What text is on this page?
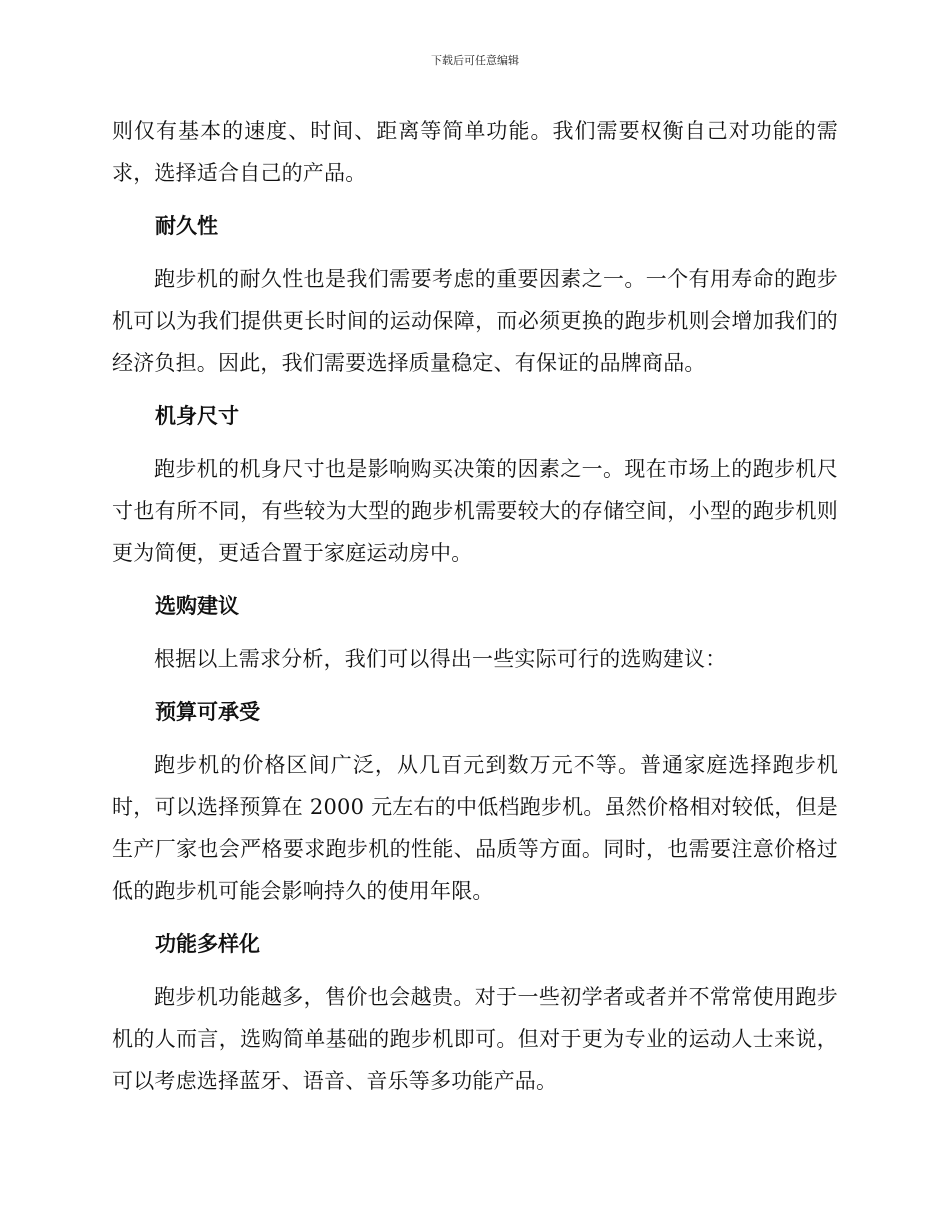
下载后可任意编辑

则仅有基本的速度、时间、距离等简单功能。我们需要权衡自己对功能的需求，选择适合自己的产品。

耐久性

跑步机的耐久性也是我们需要考虑的重要因素之一。一个有用寿命的跑步机可以为我们提供更长时间的运动保障，而必须更换的跑步机则会增加我们的经济负担。因此，我们需要选择质量稳定、有保证的品牌商品。

机身尺寸

跑步机的机身尺寸也是影响购买决策的因素之一。现在市场上的跑步机尺寸也有所不同，有些较为大型的跑步机需要较大的存储空间，小型的跑步机则更为简便，更适合置于家庭运动房中。

选购建议

根据以上需求分析，我们可以得出一些实际可行的选购建议：

预算可承受

跑步机的价格区间广泛，从几百元到数万元不等。普通家庭选择跑步机时，可以选择预算在 2000 元左右的中低档跑步机。虽然价格相对较低，但是生产厂家也会严格要求跑步机的性能、品质等方面。同时，也需要注意价格过低的跑步机可能会影响持久的使用年限。

功能多样化

跑步机功能越多，售价也会越贵。对于一些初学者或者并不常常使用跑步机的人而言，选购简单基础的跑步机即可。但对于更为专业的运动人士来说，可以考虑选择蓝牙、语音、音乐等多功能产品。
